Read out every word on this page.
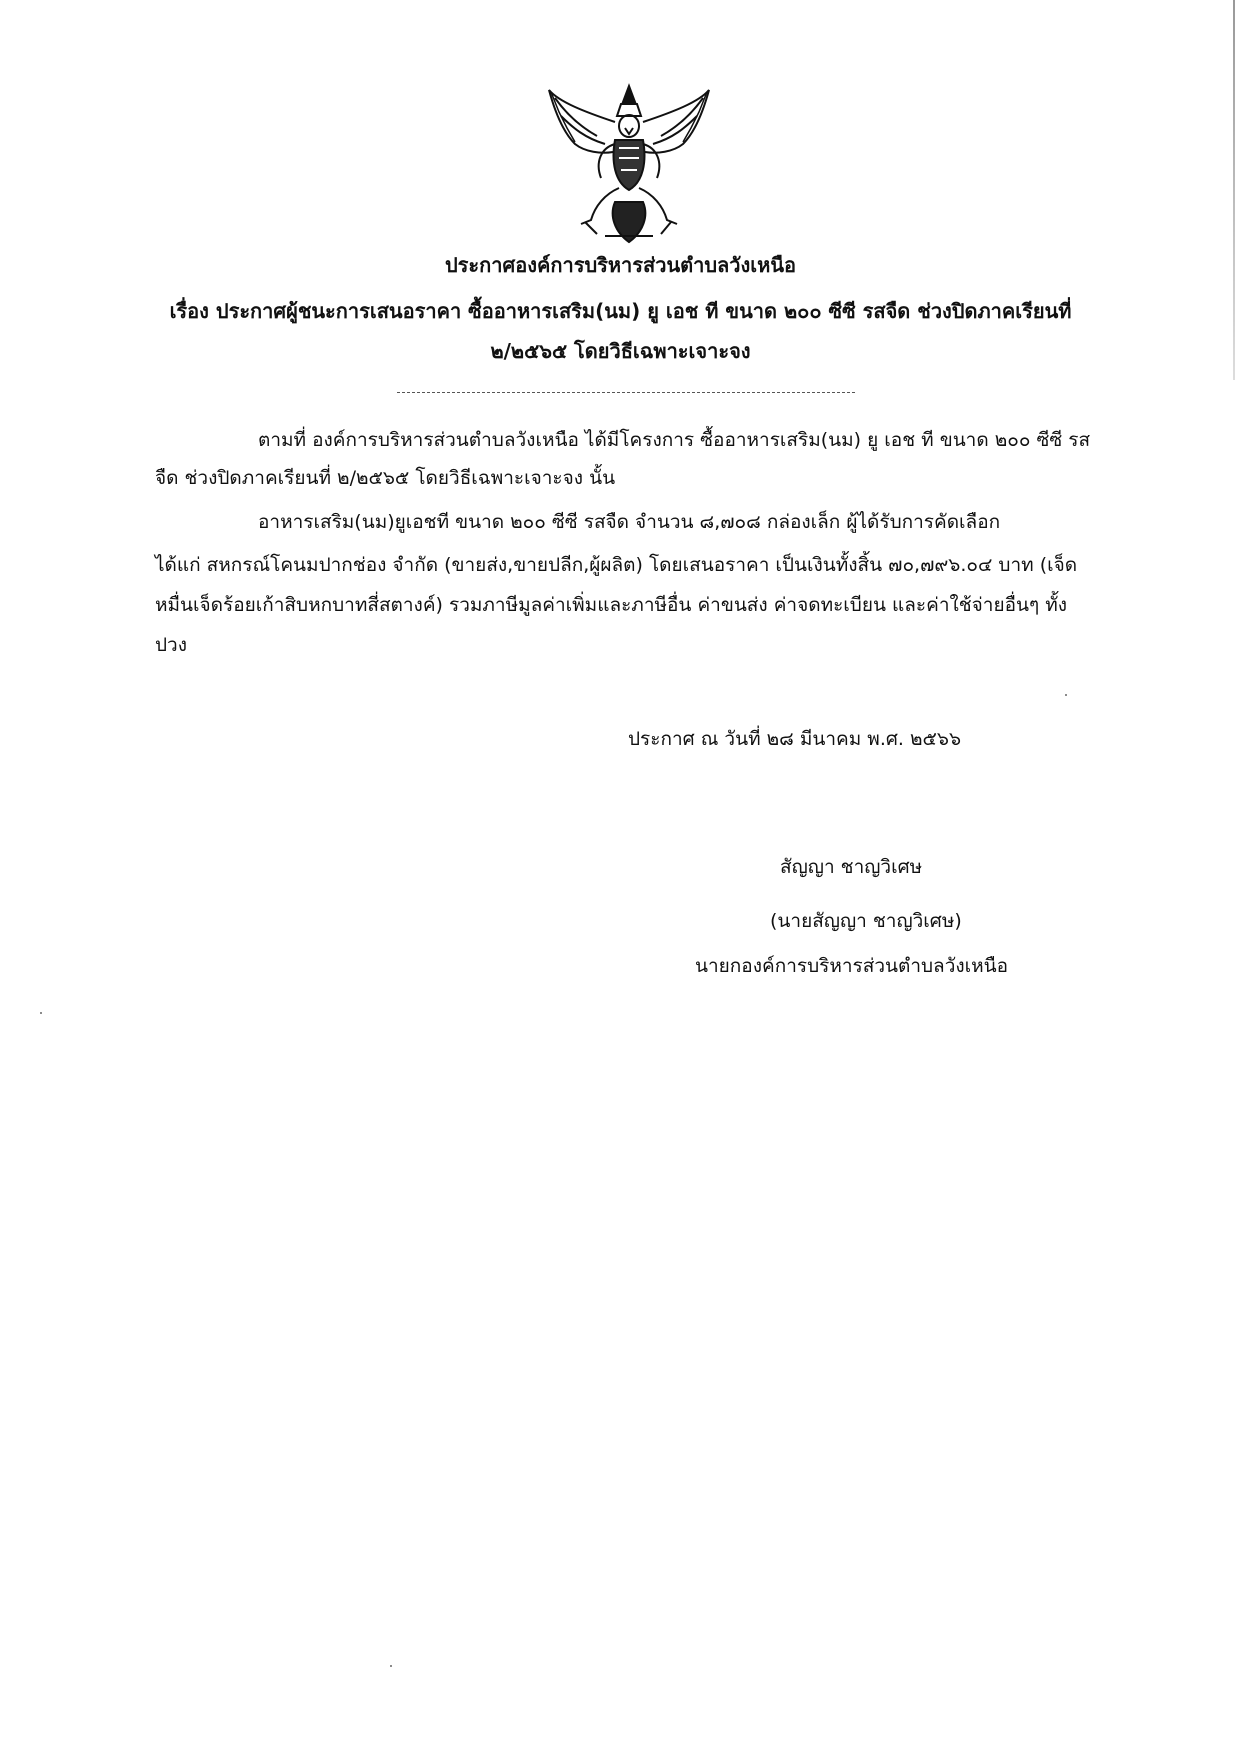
ประกาศองค์การบริหารส่วนตำบลวังเหนือ
เรื่อง ประกาศผู้ชนะการเสนอราคา ซื้ออาหารเสริม(นม) ยู เอช ที ขนาด ๒๐๐ ซีซี รสจืด ช่วงปิดภาคเรียนที่
๒/๒๕๖๕ โดยวิธีเฉพาะเจาะจง
ตามที่ องค์การบริหารส่วนตำบลวังเหนือ ได้มีโครงการ ซื้ออาหารเสริม(นม) ยู เอช ที ขนาด ๒๐๐ ซีซี รส
จืด ช่วงปิดภาคเรียนที่ ๒/๒๕๖๕ โดยวิธีเฉพาะเจาะจง นั้น
อาหารเสริม(นม)ยูเอชที ขนาด ๒๐๐ ซีซี รสจืด จำนวน ๘,๗๐๘ กล่องเล็ก ผู้ได้รับการคัดเลือก
ได้แก่ สหกรณ์โคนมปากช่อง จำกัด (ขายส่ง,ขายปลีก,ผู้ผลิต) โดยเสนอราคา เป็นเงินทั้งสิ้น ๗๐,๗๙๖.๐๔ บาท (เจ็ด
หมื่นเจ็ดร้อยเก้าสิบหกบาทสี่สตางค์) รวมภาษีมูลค่าเพิ่มและภาษีอื่น ค่าขนส่ง ค่าจดทะเบียน และค่าใช้จ่ายอื่นๆ ทั้ง
ปวง
ประกาศ ณ วันที่ ๒๘ มีนาคม พ.ศ. ๒๕๖๖
สัญญา ชาญวิเศษ
(นายสัญญา ชาญวิเศษ)
นายกองค์การบริหารส่วนตำบลวังเหนือ
